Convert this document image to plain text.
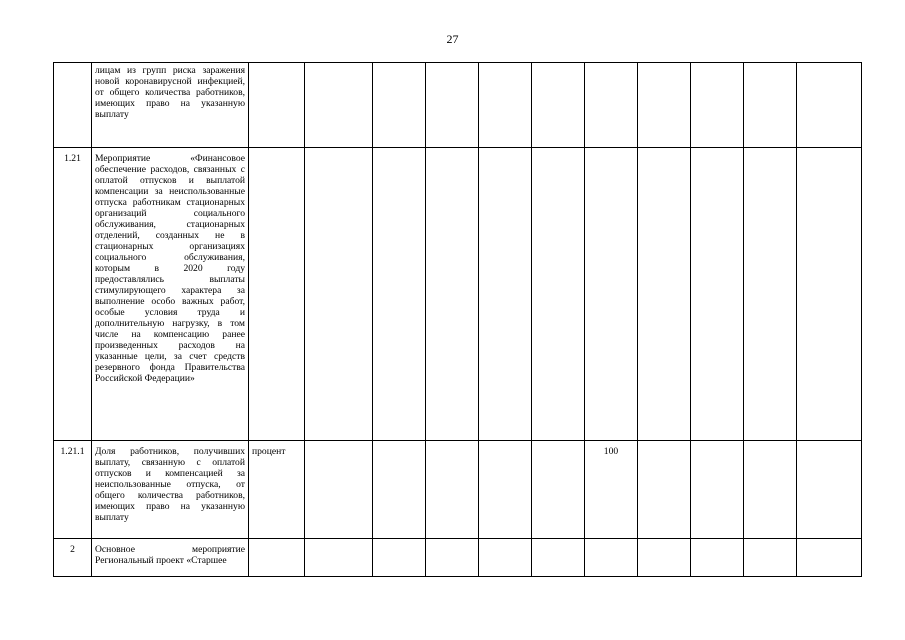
27
	лицам из групп риска заражения новой коронавирусной инфекцией, от общего количества работников, имеющих право на указанную выплату											
1.21	Мероприятие «Финансовое обеспечение расходов, связанных с оплатой отпусков и выплатой компенсации за неиспользованные отпуска работникам стационарных организаций социального обслуживания, стационарных отделений, созданных не в стационарных организациях социального обслуживания, которым в 2020 году предоставлялись выплаты стимулирующего характера за выполнение особо важных работ, особые условия труда и дополнительную нагрузку, в том числе на компенсацию ранее произведенных расходов на указанные цели, за счет средств резервного фонда Правительства Российской Федерации»											
1.21.1	Доля работников, получивших выплату, связанную с оплатой отпусков и компенсацией за неиспользованные отпуска, от общего количества работников, имеющих право на указанную выплату	процент						100				
2	Основное мероприятие Региональный проект «Старшее											
